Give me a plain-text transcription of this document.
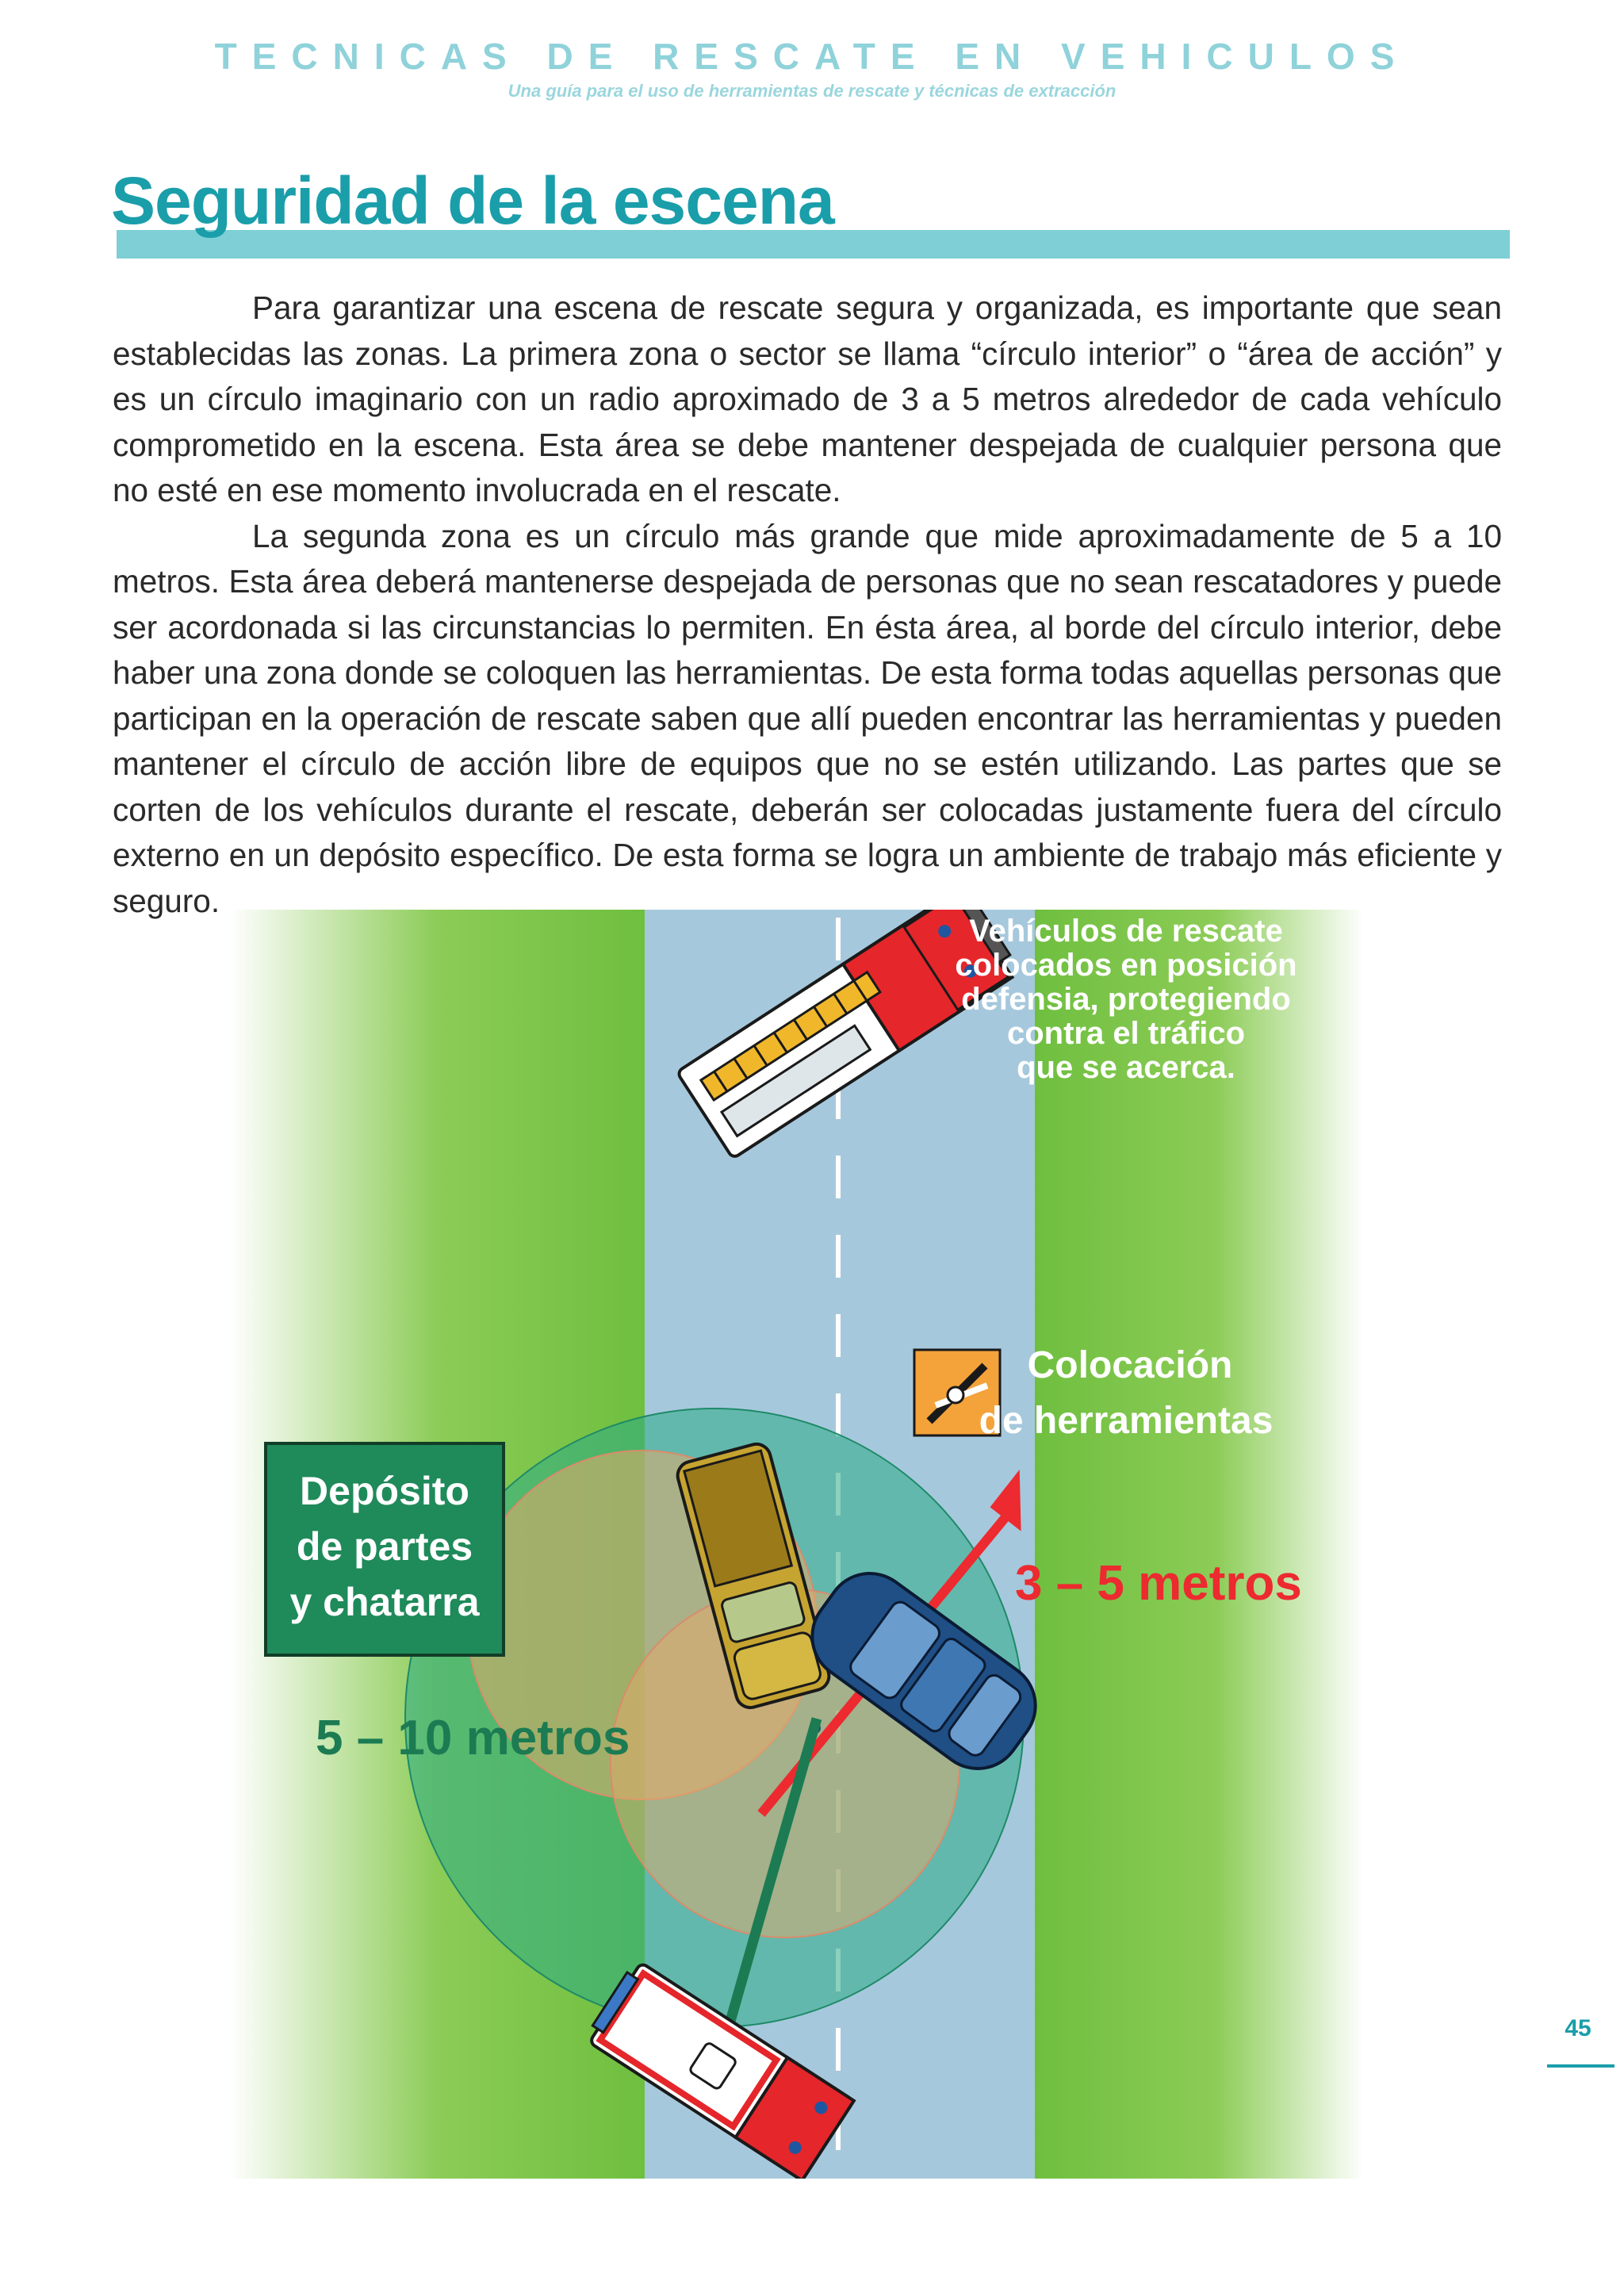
TECNICAS DE RESCATE EN VEHICULOS
Una guía para el uso de herramientas de rescate y técnicas de extracción
Seguridad de la escena

Para garantizar una escena de rescate segura y organizada, es importante que sean establecidas las zonas. La primera zona o sector se llama “círculo interior” o “área de acción” y es un círculo imaginario con un radio aproximado de 3 a 5 metros alrededor de cada vehículo comprometido en la escena. Esta área se debe mantener despejada de cualquier persona que no esté en ese momento involucrada en el rescate.

La segunda zona es un círculo más grande que mide aproximadamente de 5 a 10 metros. Esta área deberá mantenerse despejada de personas que no sean rescatadores y puede ser acordonada si las circunstancias lo permiten. En ésta área, al borde del círculo interior, debe haber una zona donde se coloquen las herramientas. De esta forma todas aquellas personas que participan en la operación de rescate saben que allí pueden encontrar las herramientas y pueden mantener el círculo de acción libre de equipos que no se estén utilizando. Las partes que se corten de los vehículos durante el rescate, deberán ser colocadas justamente fuera del círculo externo en un depósito específico. De esta forma se logra un ambiente de trabajo más eficiente y seguro.

Depósito
de partes
y chatarra
Vehículos de rescate
colocados en posición
defensia, protegiendo
contra el tráfico
que se acerca.
Colocación
de herramientas
3 – 5 metros
5 – 10 metros
45
